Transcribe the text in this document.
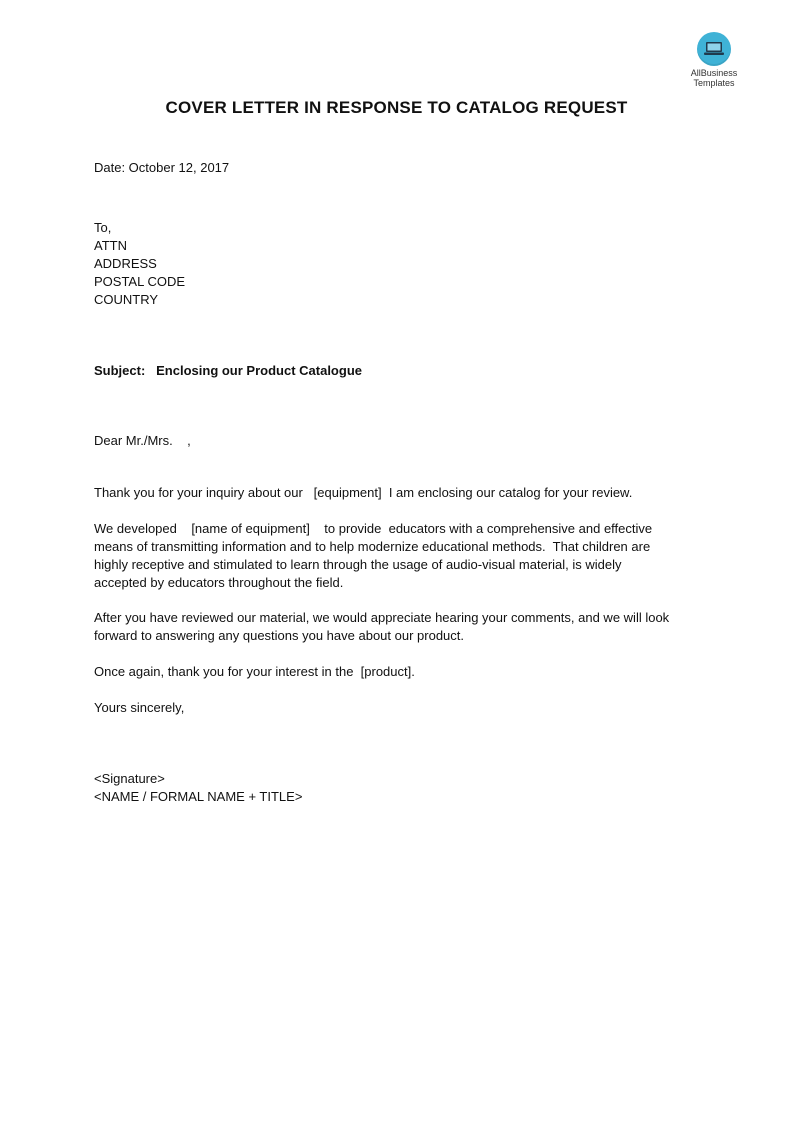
AllBusiness
Templates
COVER LETTER IN RESPONSE TO CATALOG REQUEST
Date: October 12, 2017
To,
ATTN
ADDRESS
POSTAL CODE
COUNTRY
Subject: Enclosing our Product Catalogue
Dear Mr./Mrs.    ,
Thank you for your inquiry about our   [equipment]  I am enclosing our catalog for your review.
We developed    [name of equipment]    to provide  educators with a comprehensive and effective
means of transmitting information and to help modernize educational methods.  That children are
highly receptive and stimulated to learn through the usage of audio-visual material, is widely
accepted by educators throughout the field.
After you have reviewed our material, we would appreciate hearing your comments, and we will look
forward to answering any questions you have about our product.
Once again, thank you for your interest in the  [product].
Yours sincerely,
<Signature>
<NAME / FORMAL NAME + TITLE>
